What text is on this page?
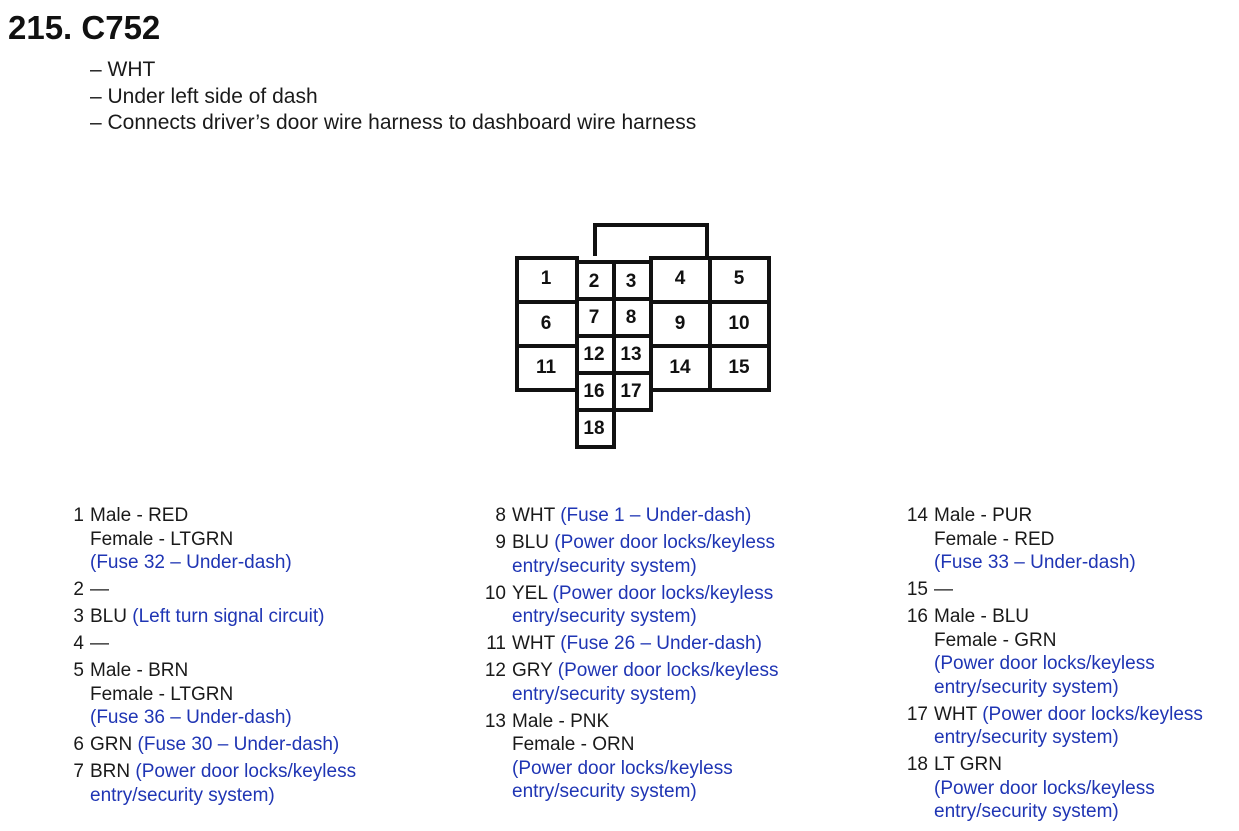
215. C752
– WHT
– Under left side of dash
– Connects driver’s door wire harness to dashboard wire harness
1 2 3 4	5
6 7 8 9 10
11
12 13
14 15
16 17
18
1 Male - RED
Female - LTGRN
(Fuse 32 – Under-dash)
2 —
3 BLU (Left turn signal circuit)
4 —
5 Male - BRN
Female - LTGRN
(Fuse 36 – Under-dash)
6 GRN (Fuse 30 – Under-dash)
7 BRN (Power door locks/keyless
entry/security system)
8 WHT (Fuse 1 – Under-dash)
9 BLU (Power door locks/keyless
entry/security system)
10 YEL (Power door locks/keyless
entry/security system)
11 WHT (Fuse 26 – Under-dash)
12 GRY (Power door locks/keyless
entry/security system)
13 Male - PNK
Female - ORN
(Power door locks/keyless
entry/security system)
14 Male - PUR
Female - RED
(Fuse 33 – Under-dash)
15 —
16 Male - BLU
Female - GRN
(Power door locks/keyless
entry/security system)
17 WHT (Power door locks/keyless
entry/security system)
18 LT GRN
(Power door locks/keyless
entry/security system)
